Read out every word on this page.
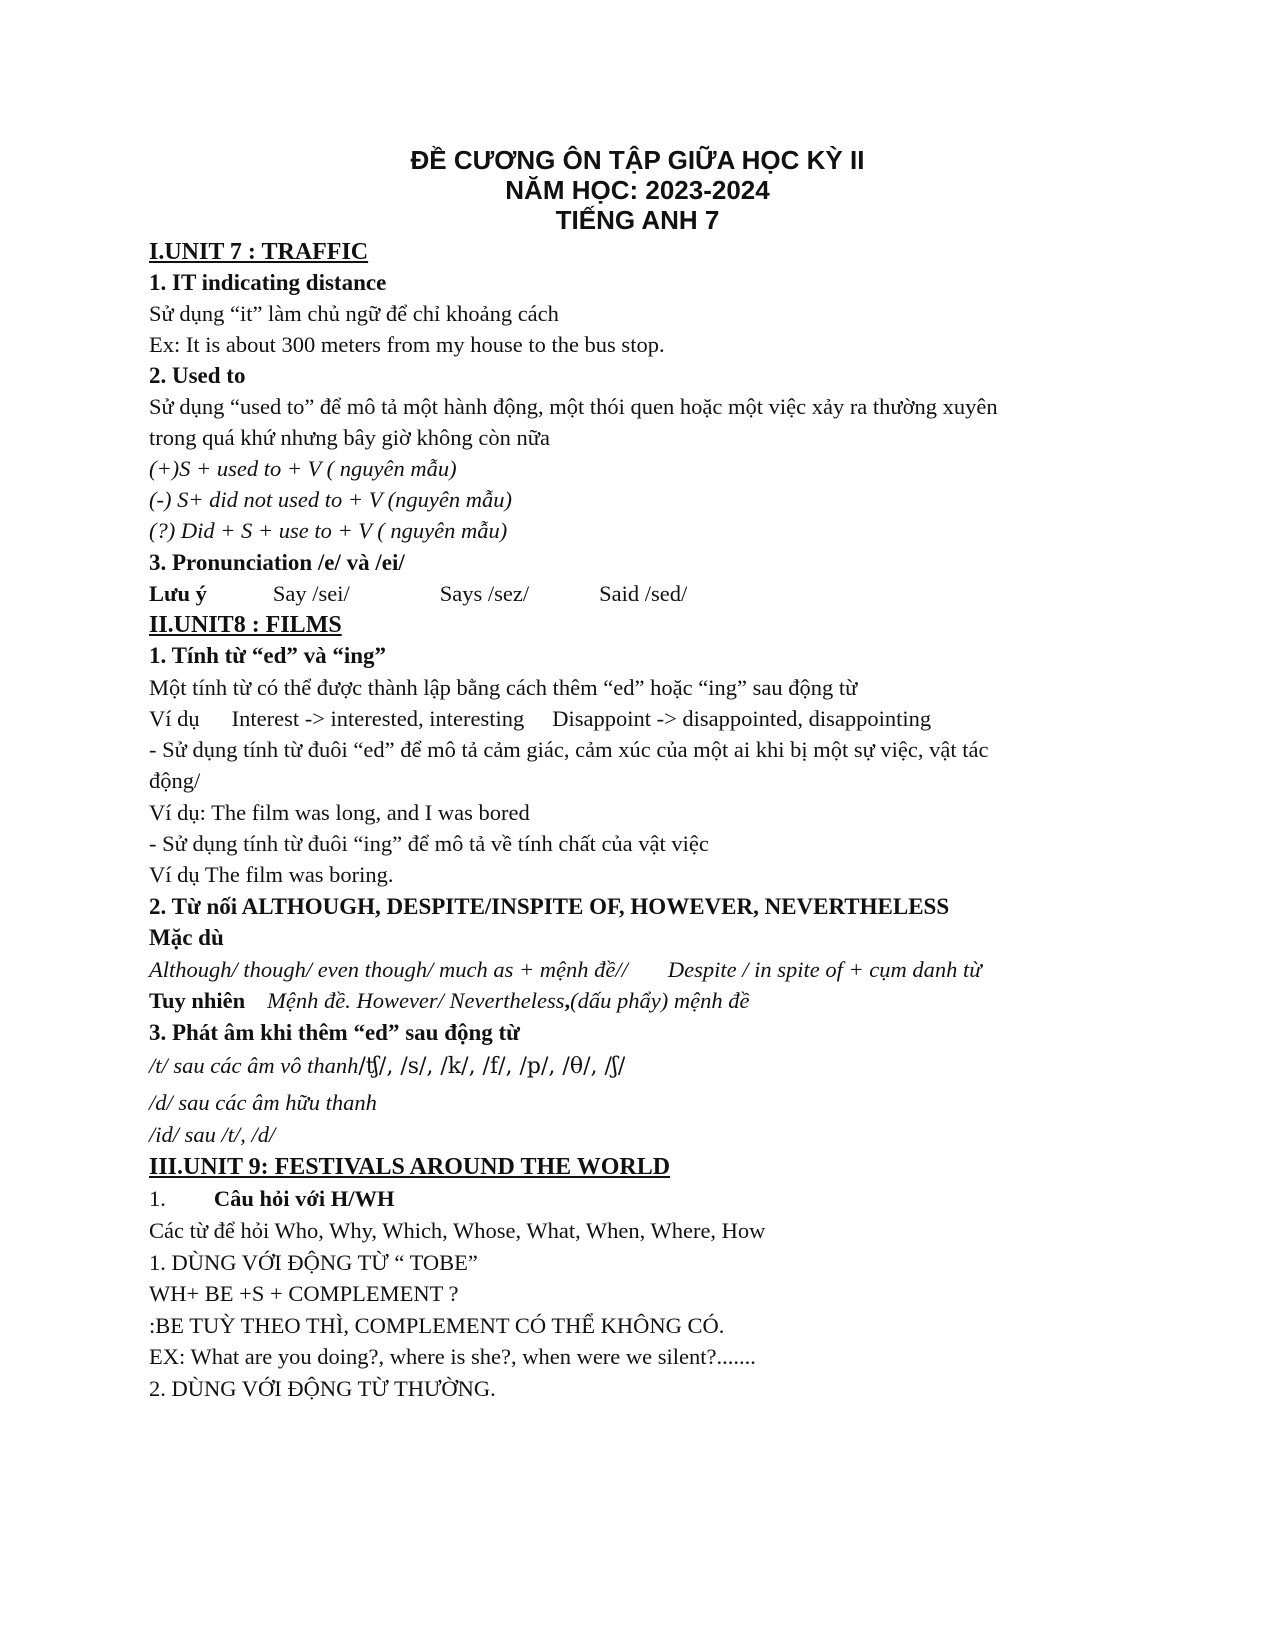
ĐỀ CƯƠNG ÔN TẬP GIỮA HỌC KỲ II
NĂM HỌC: 2023-2024
TIẾNG ANH 7
I.UNIT 7 : TRAFFIC
1. IT indicating distance
Sử dụng “it” làm chủ ngữ để chỉ khoảng cách
Ex: It is about 300 meters from my house to the bus stop.
2. Used to
Sử dụng “used to” để mô tả một hành động, một thói quen hoặc một việc xảy ra thường xuyên
trong quá khứ nhưng bây giờ không còn nữa
(+)S + used to + V ( nguyên mẫu)
(-) S+ did not used to + V (nguyên mẫu)
(?) Did + S + use to + V ( nguyên mẫu)
3. Pronunciation /e/ và /ei/
Lưu ý	Say /sei/	Says /sez/	Said /sed/
II.UNIT8 : FILMS
1. Tính từ “ed” và “ing”
Một tính từ có thể được thành lập bằng cách thêm “ed” hoặc “ing” sau động từ
Ví dụ Interest -> interested, interesting Disappoint -> disappointed, disappointing
- Sử dụng tính từ đuôi “ed” để mô tả cảm giác, cảm xúc của một ai khi bị một sự việc, vật tác
động/
Ví dụ: The film was long, and I was bored
- Sử dụng tính từ đuôi “ing” để mô tả về tính chất của vật việc
Ví dụ The film was boring.
2. Từ nối ALTHOUGH, DESPITE/INSPITE OF, HOWEVER, NEVERTHELESS
Mặc dù
Although/ though/ even though/ much as + mệnh đề// Despite / in spite of + cụm danh từ
Tuy nhiên Mệnh đề. However/ Nevertheless,(dấu phẩy) mệnh đề
3. Phát âm khi thêm “ed” sau động từ
/t/ sau các âm vô thanh/ʧ/, /s/, /k/, /f/, /p/, /θ/, /ʃ/
/d/ sau các âm hữu thanh
/id/ sau /t/, /d/
III.UNIT 9: FESTIVALS AROUND THE WORLD
1. Câu hỏi với H/WH
Các từ để hỏi Who, Why, Which, Whose, What, When, Where, How
1. DÙNG VỚI ĐỘNG TỪ “ TOBE”
WH+ BE +S + COMPLEMENT ?
:BE TUỲ THEO THÌ, COMPLEMENT CÓ THỂ KHÔNG CÓ.
EX: What are you doing?, where is she?, when were we silent?.......
2. DÙNG VỚI ĐỘNG TỪ THƯỜNG.
